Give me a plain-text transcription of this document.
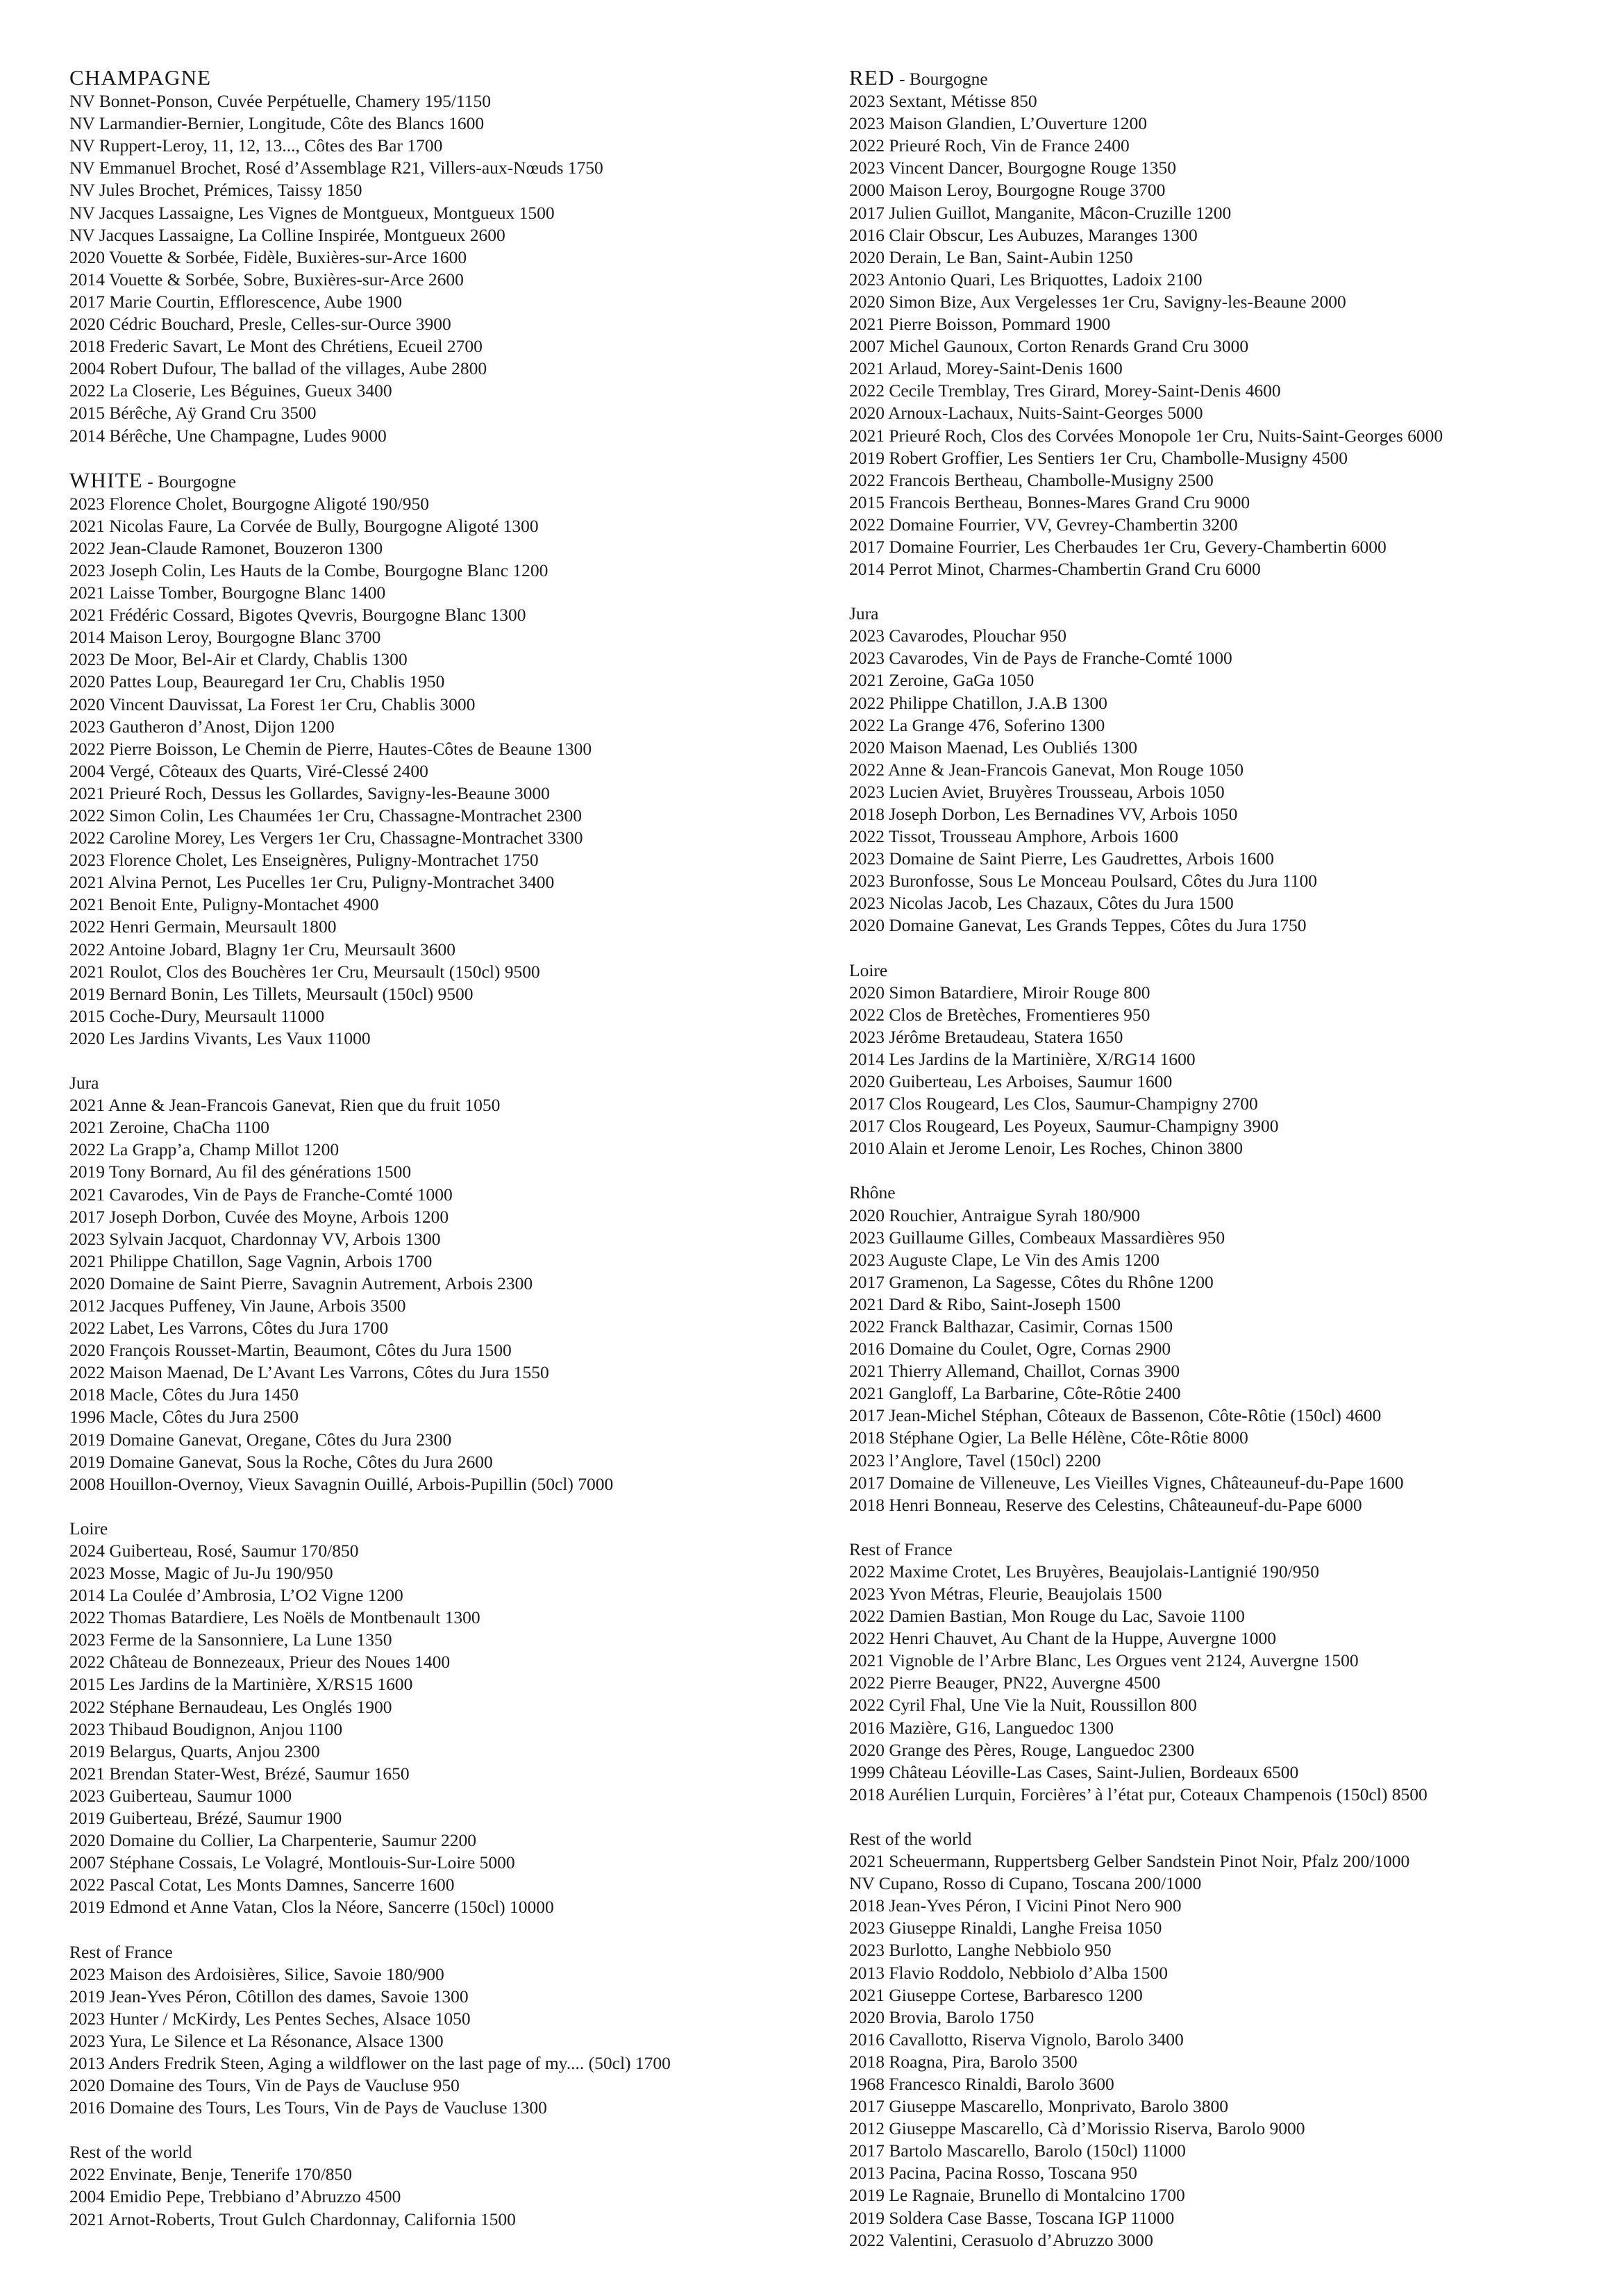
CHAMPAGNE
NV Bonnet-Ponson, Cuvée Perpétuelle, Chamery 195/1150
NV Larmandier-Bernier, Longitude, Côte des Blancs 1600
NV Ruppert-Leroy, 11, 12, 13..., Côtes des Bar 1700
NV Emmanuel Brochet, Rosé d’Assemblage R21, Villers-aux-Nœuds 1750
NV Jules Brochet, Prémices, Taissy 1850
NV Jacques Lassaigne, Les Vignes de Montgueux, Montgueux 1500
NV Jacques Lassaigne, La Colline Inspirée, Montgueux 2600
2020 Vouette & Sorbée, Fidèle, Buxières-sur-Arce 1600
2014 Vouette & Sorbée, Sobre, Buxières-sur-Arce 2600
2017 Marie Courtin, Efflorescence, Aube 1900
2020 Cédric Bouchard, Presle, Celles-sur-Ource 3900
2018 Frederic Savart, Le Mont des Chrétiens, Ecueil 2700
2004 Robert Dufour, The ballad of the villages, Aube 2800
2022 La Closerie, Les Béguines, Gueux 3400
2015 Bérêche, Aÿ Grand Cru 3500
2014 Bérêche, Une Champagne, Ludes 9000
WHITE - Bourgogne
2023 Florence Cholet, Bourgogne Aligoté 190/950
2021 Nicolas Faure, La Corvée de Bully, Bourgogne Aligoté 1300
2022 Jean-Claude Ramonet, Bouzeron 1300
2023 Joseph Colin, Les Hauts de la Combe, Bourgogne Blanc 1200
2021 Laisse Tomber, Bourgogne Blanc 1400
2021 Frédéric Cossard, Bigotes Qvevris, Bourgogne Blanc 1300
2014 Maison Leroy, Bourgogne Blanc 3700
2023 De Moor, Bel-Air et Clardy, Chablis 1300
2020 Pattes Loup, Beauregard 1er Cru, Chablis 1950
2020 Vincent Dauvissat, La Forest 1er Cru, Chablis 3000
2023 Gautheron d’Anost, Dijon 1200
2022 Pierre Boisson, Le Chemin de Pierre, Hautes-Côtes de Beaune 1300
2004 Vergé, Côteaux des Quarts, Viré-Clessé 2400
2021 Prieuré Roch, Dessus les Gollardes, Savigny-les-Beaune 3000
2022 Simon Colin, Les Chaumées 1er Cru, Chassagne-Montrachet 2300
2022 Caroline Morey, Les Vergers 1er Cru, Chassagne-Montrachet 3300
2023 Florence Cholet, Les Enseignères, Puligny-Montrachet 1750
2021 Alvina Pernot, Les Pucelles 1er Cru, Puligny-Montrachet 3400
2021 Benoit Ente, Puligny-Montachet 4900
2022 Henri Germain, Meursault 1800
2022 Antoine Jobard, Blagny 1er Cru, Meursault 3600
2021 Roulot, Clos des Bouchères 1er Cru, Meursault (150cl) 9500
2019 Bernard Bonin, Les Tillets, Meursault (150cl) 9500
2015 Coche-Dury, Meursault 11000
2020 Les Jardins Vivants, Les Vaux 11000
Jura
2021 Anne & Jean-Francois Ganevat, Rien que du fruit 1050
2021 Zeroine, ChaCha 1100
2022 La Grapp’a, Champ Millot 1200
2019 Tony Bornard, Au fil des générations 1500
2021 Cavarodes, Vin de Pays de Franche-Comté 1000
2017 Joseph Dorbon, Cuvée des Moyne, Arbois 1200
2023 Sylvain Jacquot, Chardonnay VV, Arbois 1300
2021 Philippe Chatillon, Sage Vagnin, Arbois 1700
2020 Domaine de Saint Pierre, Savagnin Autrement, Arbois 2300
2012 Jacques Puffeney, Vin Jaune, Arbois 3500
2022 Labet, Les Varrons, Côtes du Jura 1700
2020 François Rousset-Martin, Beaumont, Côtes du Jura 1500
2022 Maison Maenad, De L’Avant Les Varrons, Côtes du Jura 1550
2018 Macle, Côtes du Jura 1450
1996 Macle, Côtes du Jura 2500
2019 Domaine Ganevat, Oregane, Côtes du Jura 2300
2019 Domaine Ganevat, Sous la Roche, Côtes du Jura 2600
2008 Houillon-Overnoy, Vieux Savagnin Ouillé, Arbois-Pupillin (50cl) 7000
Loire
2024 Guiberteau, Rosé, Saumur 170/850
2023 Mosse, Magic of Ju-Ju 190/950
2014 La Coulée d’Ambrosia, L’O2 Vigne 1200
2022 Thomas Batardiere, Les Noëls de Montbenault 1300
2023 Ferme de la Sansonniere, La Lune 1350
2022 Château de Bonnezeaux, Prieur des Noues 1400
2015 Les Jardins de la Martinière, X/RS15 1600
2022 Stéphane Bernaudeau, Les Onglés 1900
2023 Thibaud Boudignon, Anjou 1100
2019 Belargus, Quarts, Anjou 2300
2021 Brendan Stater-West, Brézé, Saumur 1650
2023 Guiberteau, Saumur 1000
2019 Guiberteau, Brézé, Saumur 1900
2020 Domaine du Collier, La Charpenterie, Saumur 2200
2007 Stéphane Cossais, Le Volagré, Montlouis-Sur-Loire 5000
2022 Pascal Cotat, Les Monts Damnes, Sancerre 1600
2019 Edmond et Anne Vatan, Clos la Néore, Sancerre (150cl) 10000
Rest of France
2023 Maison des Ardoisières, Silice, Savoie 180/900
2019 Jean-Yves Péron, Côtillon des dames, Savoie 1300
2023 Hunter / McKirdy, Les Pentes Seches, Alsace 1050
2023 Yura, Le Silence et La Résonance, Alsace 1300
2013 Anders Fredrik Steen, Aging a wildflower on the last page of my.... (50cl) 1700
2020 Domaine des Tours, Vin de Pays de Vaucluse 950
2016 Domaine des Tours, Les Tours, Vin de Pays de Vaucluse 1300
Rest of the world
2022 Envinate, Benje, Tenerife 170/850
2004 Emidio Pepe, Trebbiano d’Abruzzo 4500
2021 Arnot-Roberts, Trout Gulch Chardonnay, California 1500
RED - Bourgogne
2023 Sextant, Métisse 850
2023 Maison Glandien, L’Ouverture 1200
2022 Prieuré Roch, Vin de France 2400
2023 Vincent Dancer, Bourgogne Rouge 1350
2000 Maison Leroy, Bourgogne Rouge 3700
2017 Julien Guillot, Manganite, Mâcon-Cruzille 1200
2016 Clair Obscur, Les Aubuzes, Maranges 1300
2020 Derain, Le Ban, Saint-Aubin 1250
2023 Antonio Quari, Les Briquottes, Ladoix 2100
2020 Simon Bize, Aux Vergelesses 1er Cru, Savigny-les-Beaune 2000
2021 Pierre Boisson, Pommard 1900
2007 Michel Gaunoux, Corton Renards Grand Cru 3000
2021 Arlaud, Morey-Saint-Denis 1600
2022 Cecile Tremblay, Tres Girard, Morey-Saint-Denis 4600
2020 Arnoux-Lachaux, Nuits-Saint-Georges 5000
2021 Prieuré Roch, Clos des Corvées Monopole 1er Cru, Nuits-Saint-Georges 6000
2019 Robert Groffier, Les Sentiers 1er Cru, Chambolle-Musigny 4500
2022 Francois Bertheau, Chambolle-Musigny 2500
2015 Francois Bertheau, Bonnes-Mares Grand Cru 9000
2022 Domaine Fourrier, VV, Gevrey-Chambertin 3200
2017 Domaine Fourrier, Les Cherbaudes 1er Cru, Gevery-Chambertin 6000
2014 Perrot Minot, Charmes-Chambertin Grand Cru 6000
Jura
2023 Cavarodes, Plouchar 950
2023 Cavarodes, Vin de Pays de Franche-Comté 1000
2021 Zeroine, GaGa 1050
2022 Philippe Chatillon, J.A.B 1300
2022 La Grange 476, Soferino 1300
2020 Maison Maenad, Les Oubliés 1300
2022 Anne & Jean-Francois Ganevat, Mon Rouge 1050
2023 Lucien Aviet, Bruyères Trousseau, Arbois 1050
2018 Joseph Dorbon, Les Bernadines VV, Arbois 1050
2022 Tissot, Trousseau Amphore, Arbois 1600
2023 Domaine de Saint Pierre, Les Gaudrettes, Arbois 1600
2023 Buronfosse, Sous Le Monceau Poulsard, Côtes du Jura 1100
2023 Nicolas Jacob, Les Chazaux, Côtes du Jura 1500
2020 Domaine Ganevat, Les Grands Teppes, Côtes du Jura 1750
Loire
2020 Simon Batardiere, Miroir Rouge 800
2022 Clos de Bretèches, Fromentieres 950
2023 Jérôme Bretaudeau, Statera 1650
2014 Les Jardins de la Martinière, X/RG14 1600
2020 Guiberteau, Les Arboises, Saumur 1600
2017 Clos Rougeard, Les Clos, Saumur-Champigny 2700
2017 Clos Rougeard, Les Poyeux, Saumur-Champigny 3900
2010 Alain et Jerome Lenoir, Les Roches, Chinon 3800
Rhône
2020 Rouchier, Antraigue Syrah 180/900
2023 Guillaume Gilles, Combeaux Massardières 950
2023 Auguste Clape, Le Vin des Amis 1200
2017 Gramenon, La Sagesse, Côtes du Rhône 1200
2021 Dard & Ribo, Saint-Joseph 1500
2022 Franck Balthazar, Casimir, Cornas 1500
2016 Domaine du Coulet, Ogre, Cornas 2900
2021 Thierry Allemand, Chaillot, Cornas 3900
2021 Gangloff, La Barbarine, Côte-Rôtie 2400
2017 Jean-Michel Stéphan, Côteaux de Bassenon, Côte-Rôtie (150cl) 4600
2018 Stéphane Ogier, La Belle Hélène, Côte-Rôtie 8000
2023 l’Anglore, Tavel (150cl) 2200
2017 Domaine de Villeneuve, Les Vieilles Vignes, Châteauneuf-du-Pape 1600
2018 Henri Bonneau, Reserve des Celestins, Châteauneuf-du-Pape 6000
Rest of France
2022 Maxime Crotet, Les Bruyères, Beaujolais-Lantignié 190/950
2023 Yvon Métras, Fleurie, Beaujolais 1500
2022 Damien Bastian, Mon Rouge du Lac, Savoie 1100
2022 Henri Chauvet, Au Chant de la Huppe, Auvergne 1000
2021 Vignoble de l’Arbre Blanc, Les Orgues vent 2124, Auvergne 1500
2022 Pierre Beauger, PN22, Auvergne 4500
2022 Cyril Fhal, Une Vie la Nuit, Roussillon 800
2016 Mazière, G16, Languedoc 1300
2020 Grange des Pères, Rouge, Languedoc 2300
1999 Château Léoville-Las Cases, Saint-Julien, Bordeaux 6500
2018 Aurélien Lurquin, Forcières’ à l’état pur, Coteaux Champenois (150cl) 8500
Rest of the world
2021 Scheuermann, Ruppertsberg Gelber Sandstein Pinot Noir, Pfalz 200/1000
NV Cupano, Rosso di Cupano, Toscana 200/1000
2018 Jean-Yves Péron, I Vicini Pinot Nero 900
2023 Giuseppe Rinaldi, Langhe Freisa 1050
2023 Burlotto, Langhe Nebbiolo 950
2013 Flavio Roddolo, Nebbiolo d’Alba 1500
2021 Giuseppe Cortese, Barbaresco 1200
2020 Brovia, Barolo 1750
2016 Cavallotto, Riserva Vignolo, Barolo 3400
2018 Roagna, Pira, Barolo 3500
1968 Francesco Rinaldi, Barolo 3600
2017 Giuseppe Mascarello, Monprivato, Barolo 3800
2012 Giuseppe Mascarello, Cà d’Morissio Riserva, Barolo 9000
2017 Bartolo Mascarello, Barolo (150cl) 11000
2013 Pacina, Pacina Rosso, Toscana 950
2019 Le Ragnaie, Brunello di Montalcino 1700
2019 Soldera Case Basse, Toscana IGP 11000
2022 Valentini, Cerasuolo d’Abruzzo 3000
